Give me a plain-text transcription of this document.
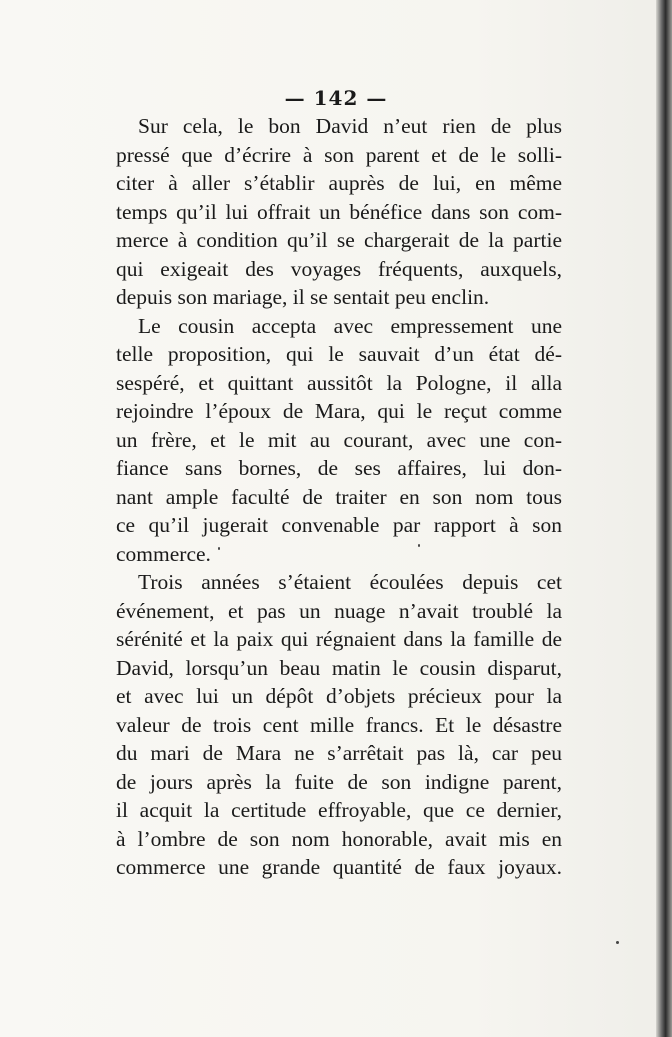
— 142 —
Sur cela, le bon David n’eut rien de plus
pressé que d’écrire à son parent et de le solli-
citer à aller s’établir auprès de lui, en même
temps qu’il lui offrait un bénéfice dans son com-
merce à condition qu’il se chargerait de la partie
qui exigeait des voyages fréquents, auxquels,
depuis son mariage, il se sentait peu enclin.
Le cousin accepta avec empressement une
telle proposition, qui le sauvait d’un état dé-
sespéré, et quittant aussitôt la Pologne, il alla
rejoindre l’époux de Mara, qui le reçut comme
un frère, et le mit au courant, avec une con-
fiance sans bornes, de ses affaires, lui don-
nant ample faculté de traiter en son nom tous
ce qu’il jugerait convenable par rapport à son
commerce.
Trois années s’étaient écoulées depuis cet
événement, et pas un nuage n’avait troublé la
sérénité et la paix qui régnaient dans la famille de
David, lorsqu’un beau matin le cousin disparut,
et avec lui un dépôt d’objets précieux pour la
valeur de trois cent mille francs. Et le désastre
du mari de Mara ne s’arrêtait pas là, car peu
de jours après la fuite de son indigne parent,
il acquit la certitude effroyable, que ce dernier,
à l’ombre de son nom honorable, avait mis en
commerce une grande quantité de faux joyaux.
